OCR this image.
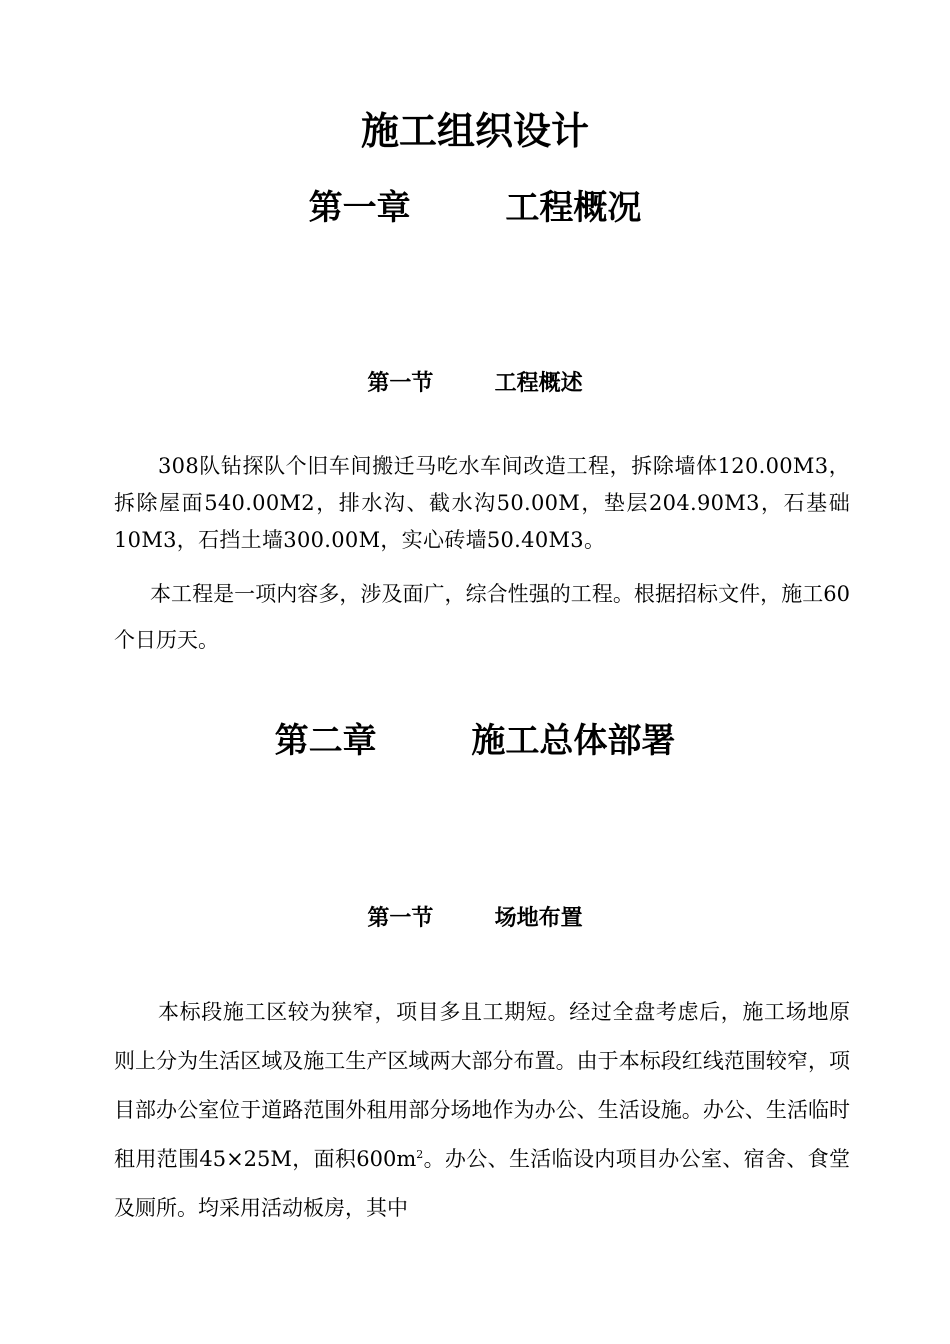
施工组织设计
第一章        工程概况
第一节        工程概述

308队钻探队个旧车间搬迁马吃水车间改造工程，拆除墙体120.00M3，拆除屋面540.00M2，排水沟、截水沟50.00M，垫层204.90M3，石基础10M3，石挡土墙300.00M，实心砖墙50.40M3。

本工程是一项内容多，涉及面广，综合性强的工程。根据招标文件，施工60个日历天。

第二章        施工总体部署
第一节        场地布置

本标段施工区较为狭窄，项目多且工期短。经过全盘考虑后，施工场地原则上分为生活区域及施工生产区域两大部分布置。由于本标段红线范围较窄，项目部办公室位于道路范围外租用部分场地作为办公、生活设施。办公、生活临时租用范围45×25M，面积$600m^2$。办公、生活临设内项目办公室、宿舍、食堂及厕所。均采用活动板房，其中
